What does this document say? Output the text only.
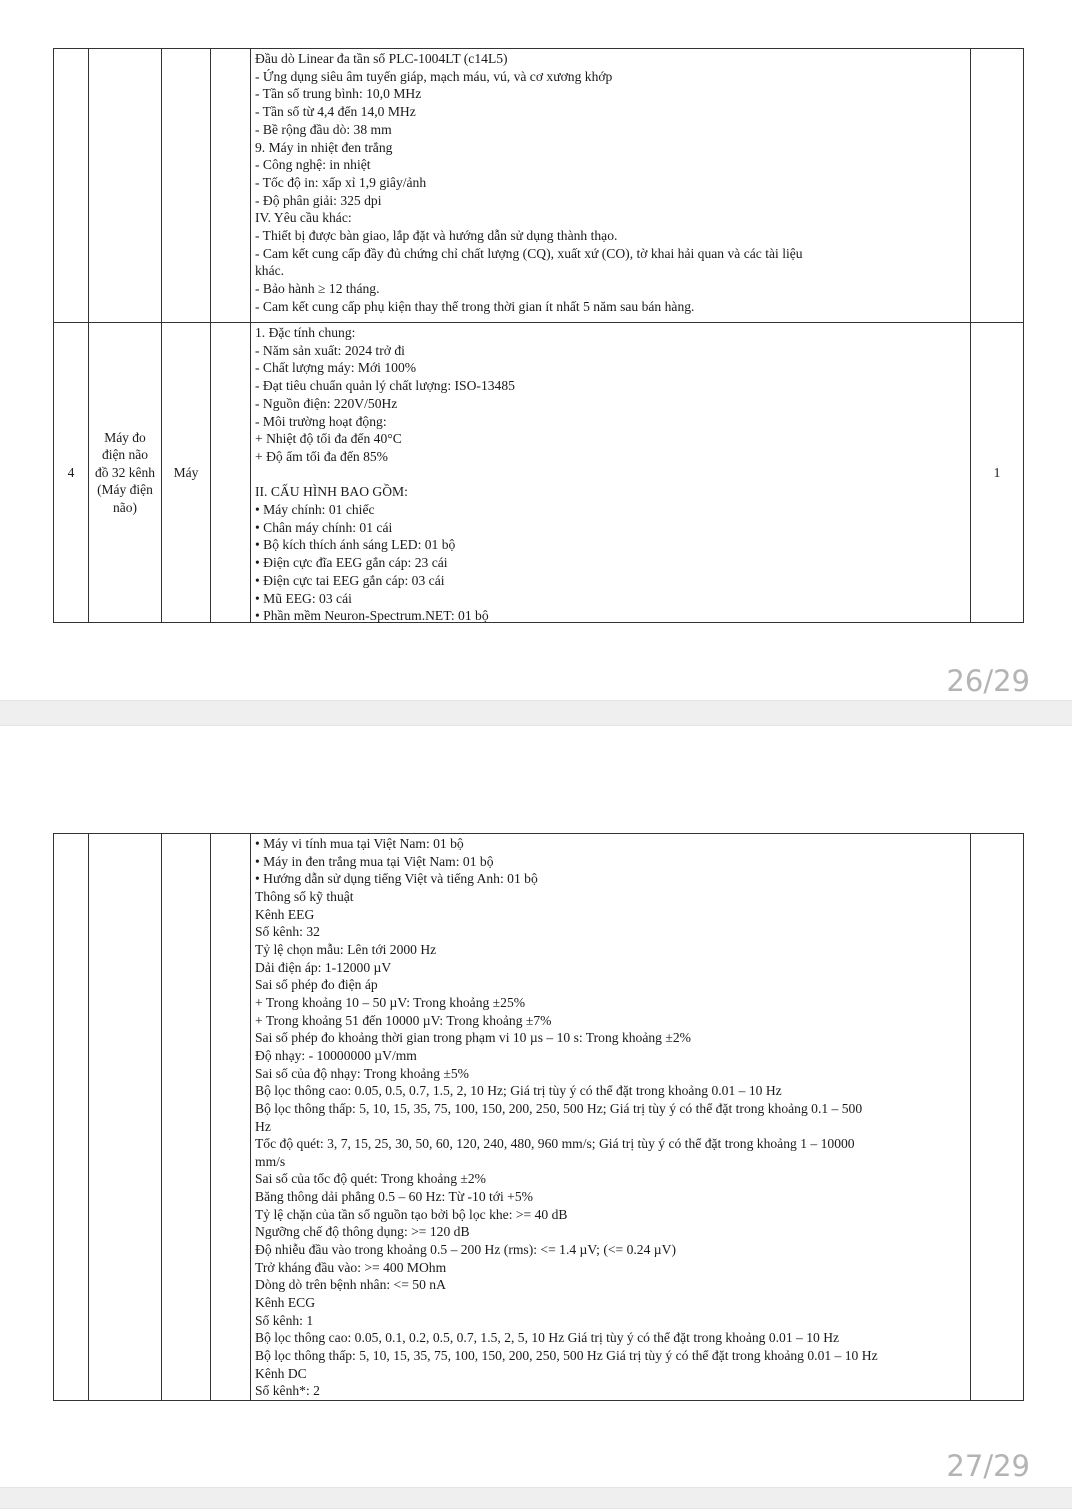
Đầu dò Linear đa tần số PLC-1004LT (c14L5)
- Ứng dụng siêu âm tuyến giáp, mạch máu, vú, và cơ xương khớp
- Tần số trung bình: 10,0 MHz
- Tần số từ 4,4 đến 14,0 MHz
- Bề rộng đầu dò: 38 mm
9. Máy in nhiệt đen trắng
- Công nghệ: in nhiệt
- Tốc độ in: xấp xỉ 1,9 giây/ảnh
- Độ phân giải: 325 dpi
IV. Yêu cầu khác:
- Thiết bị được bàn giao, lắp đặt và hướng dẫn sử dụng thành thạo.
- Cam kết cung cấp đầy đủ chứng chỉ chất lượng (CQ), xuất xứ (CO), tờ khai hải quan và các tài liệu
khác.
- Bảo hành ≥ 12 tháng.
- Cam kết cung cấp phụ kiện thay thế trong thời gian ít nhất 5 năm sau bán hàng.
4
Máy đo điện não đồ 32 kênh (Máy điện não)
Máy
1. Đặc tính chung:
- Năm sản xuất: 2024 trở đi
- Chất lượng máy: Mới 100%
- Đạt tiêu chuẩn quản lý chất lượng: ISO-13485
- Nguồn điện: 220V/50Hz
- Môi trường hoạt động:
+ Nhiệt độ tối đa đến 40°C
+ Độ ẩm tối đa đến 85%

II. CẤU HÌNH BAO GỒM:
• Máy chính: 01 chiếc
• Chân máy chính: 01 cái
• Bộ kích thích ánh sáng LED: 01 bộ
• Điện cực đĩa EEG gắn cáp: 23 cái
• Điện cực tai EEG gắn cáp: 03 cái
• Mũ EEG: 03 cái
• Phần mềm Neuron-Spectrum.NET: 01 bộ
1
26/29
• Máy vi tính mua tại Việt Nam: 01 bộ
• Máy in đen trắng mua tại Việt Nam: 01 bộ
• Hướng dẫn sử dụng tiếng Việt và tiếng Anh: 01 bộ
Thông số kỹ thuật
Kênh EEG
Số kênh: 32
Tỷ lệ chọn mẫu: Lên tới 2000 Hz
Dải điện áp: 1-12000 µV
Sai số phép đo điện áp
+ Trong khoảng 10 – 50 µV: Trong khoảng ±25%
+ Trong khoảng 51 đến 10000 µV: Trong khoảng ±7%
Sai số phép đo khoảng thời gian trong phạm vi 10 µs – 10 s: Trong khoảng ±2%
Độ nhạy: - 10000000 µV/mm
Sai số của độ nhạy: Trong khoảng ±5%
Bộ lọc thông cao: 0.05, 0.5, 0.7, 1.5, 2, 10 Hz; Giá trị tùy ý có thể đặt trong khoảng 0.01 – 10 Hz
Bộ lọc thông thấp: 5, 10, 15, 35, 75, 100, 150, 200, 250, 500 Hz; Giá trị tùy ý có thể đặt trong khoảng 0.1 – 500
Hz
Tốc độ quét: 3, 7, 15, 25, 30, 50, 60, 120, 240, 480, 960 mm/s; Giá trị tùy ý có thể đặt trong khoảng 1 – 10000
mm/s
Sai số của tốc độ quét: Trong khoảng ±2%
Băng thông dải phẳng 0.5 – 60 Hz: Từ -10 tới +5%
Tỷ lệ chặn của tần số nguồn tạo bởi bộ lọc khe: >= 40 dB
Ngưỡng chế độ thông dụng: >= 120 dB
Độ nhiễu đầu vào trong khoảng 0.5 – 200 Hz (rms): <= 1.4 µV; (<= 0.24 µV)
Trở kháng đầu vào: >= 400 MOhm
Dòng dò trên bệnh nhân: <= 50 nA
Kênh ECG
Số kênh: 1
Bộ lọc thông cao: 0.05, 0.1, 0.2, 0.5, 0.7, 1.5, 2, 5, 10 Hz Giá trị tùy ý có thể đặt trong khoảng 0.01 – 10 Hz
Bộ lọc thông thấp: 5, 10, 15, 35, 75, 100, 150, 200, 250, 500 Hz Giá trị tùy ý có thể đặt trong khoảng 0.01 – 10 Hz
Kênh DC
Số kênh*: 2
27/29
